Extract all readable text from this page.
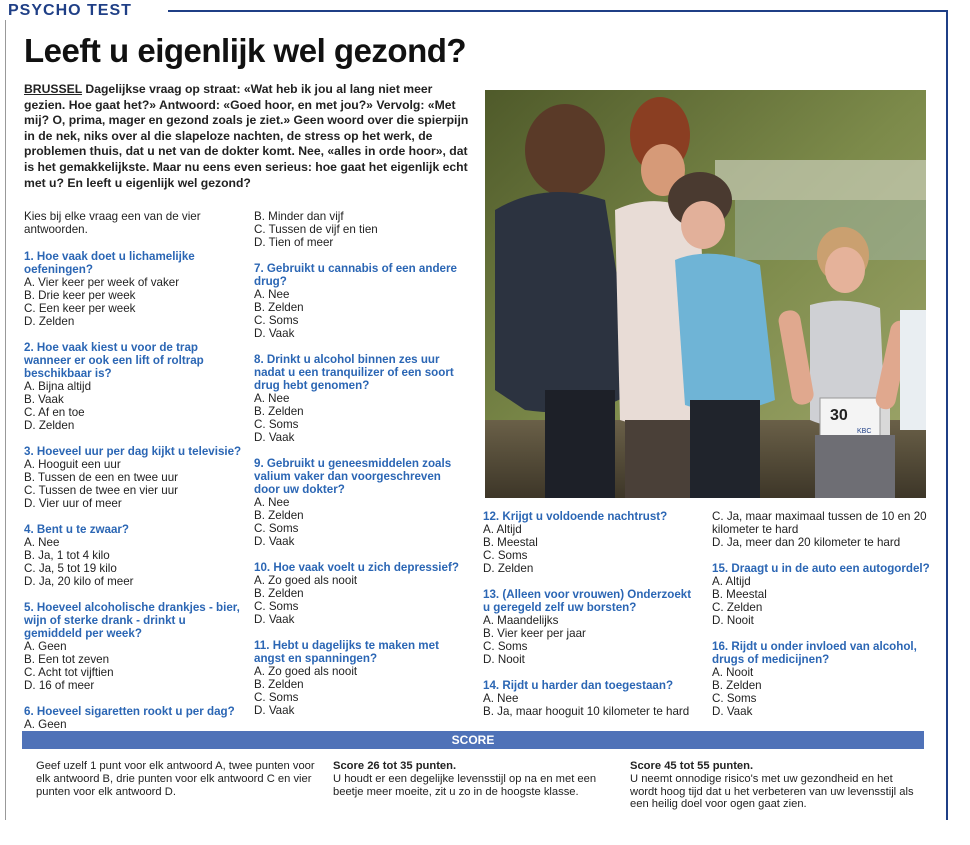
PSYCHO TEST
Leeft u eigenlijk wel gezond?
BRUSSEL Dagelijkse vraag op straat: «Wat heb ik jou al lang niet meer gezien. Hoe gaat het?» Antwoord: «Goed hoor, en met jou?» Vervolg: «Met mij? O, prima, mager en gezond zoals je ziet.» Geen woord over die spierpijn in de nek, niks over al die slapeloze nachten, de stress op het werk, de problemen thuis, dat u net van de dokter komt. Nee, «alles in orde hoor», dat is het gemakkelijkste. Maar nu eens even serieus: hoe gaat het eigenlijk echt met u? En leeft u eigenlijk wel gezond?
30
KBC
Kies bij elke vraag een van de vier antwoorden.
1. Hoe vaak doet u lichamelijke oefeningen?
A. Vier keer per week of vaker
B. Drie keer per week
C. Een keer per week
D. Zelden
2. Hoe vaak kiest u voor de trap wanneer er ook een lift of roltrap beschikbaar is?
A. Bijna altijd
B. Vaak
C. Af en toe
D. Zelden
3. Hoeveel uur per dag kijkt u televisie?
A. Hooguit een uur
B. Tussen de een en twee uur
C. Tussen de twee en vier uur
D. Vier uur of meer
4. Bent u te zwaar?
A. Nee
B. Ja, 1 tot 4 kilo
C. Ja, 5 tot 19 kilo
D. Ja, 20 kilo of meer
5. Hoeveel alcoholische drankjes - bier, wijn of sterke drank - drinkt u gemiddeld per week?
A. Geen
B. Een tot zeven
C. Acht tot vijftien
D. 16 of meer
6. Hoeveel sigaretten rookt u per dag?
A. Geen
B. Minder dan vijf
C. Tussen de vijf en tien
D. Tien of meer
7. Gebruikt u cannabis of een andere drug?
A. Nee
B. Zelden
C. Soms
D. Vaak
8. Drinkt u alcohol binnen zes uur nadat u een tranquilizer of een soort drug hebt genomen?
A. Nee
B. Zelden
C. Soms
D. Vaak
9. Gebruikt u geneesmiddelen zoals valium vaker dan voorgeschreven door uw dokter?
A. Nee
B. Zelden
C. Soms
D. Vaak
10. Hoe vaak voelt u zich depressief?
A. Zo goed als nooit
B. Zelden
C. Soms
D. Vaak
11. Hebt u dagelijks te maken met angst en spanningen?
A. Zo goed als nooit
B. Zelden
C. Soms
D. Vaak
12. Krijgt u voldoende nachtrust?
A. Altijd
B. Meestal
C. Soms
D. Zelden
13. (Alleen voor vrouwen) Onderzoekt u geregeld zelf uw borsten?
A. Maandelijks
B. Vier keer per jaar
C. Soms
D. Nooit
14. Rijdt u harder dan toegestaan?
A. Nee
B. Ja, maar hooguit 10 kilometer te hard
C. Ja, maar maximaal tussen de 10 en 20 kilometer te hard
D. Ja, meer dan 20 kilometer te hard
15. Draagt u in de auto een autogordel?
A. Altijd
B. Meestal
C. Zelden
D. Nooit
16. Rijdt u onder invloed van alcohol, drugs of medicijnen?
A. Nooit
B. Zelden
C. Soms
D. Vaak
SCORE
Geef uzelf 1 punt voor elk antwoord A, twee punten voor elk antwoord B, drie punten voor elk antwoord C en vier punten voor elk antwoord D.
Score 26 tot 35 punten.
U houdt er een degelijke levensstijl op na en met een beetje meer moeite, zit u zo in de hoogste klasse.
Score 45 tot 55 punten.
U neemt onnodige risico's met uw gezondheid en het wordt hoog tijd dat u het verbeteren van uw levensstijl als een heilig doel voor ogen gaat zien.
